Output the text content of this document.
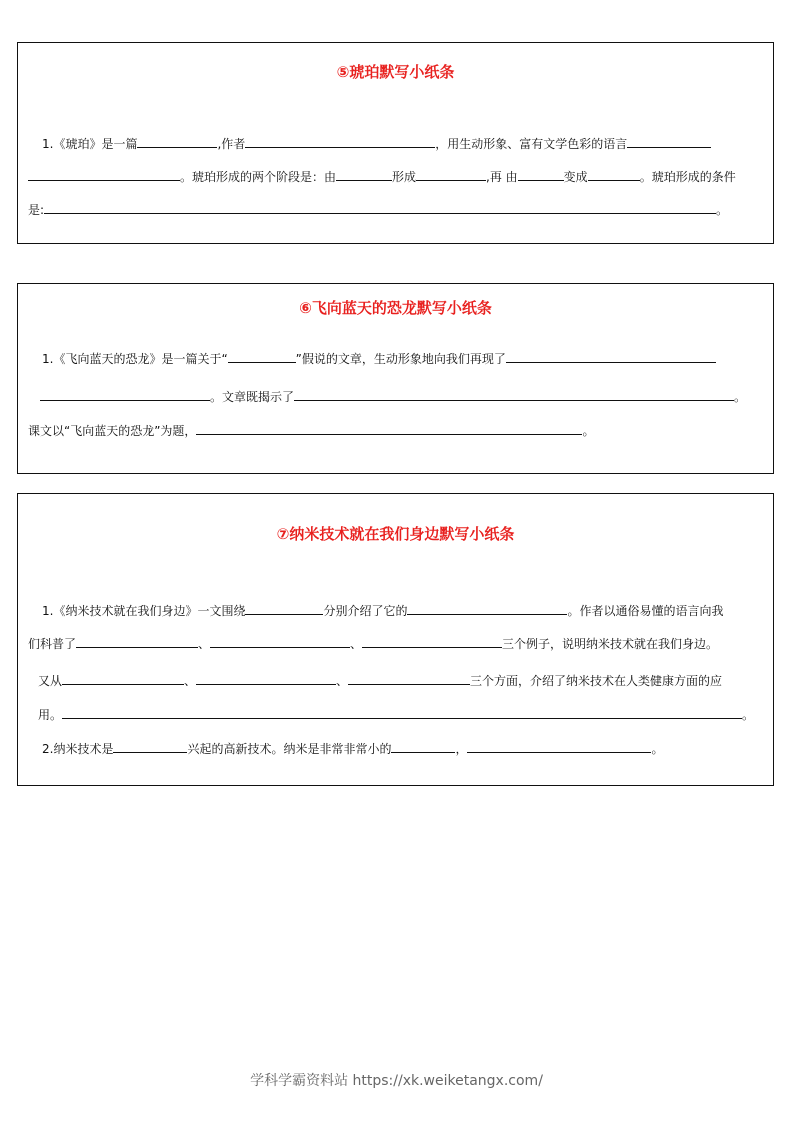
⑤琥珀默写小纸条
1.《琥珀》是一篇	,作者	，用生动形象、富有文学色彩的语言
。琥珀形成的两个阶段是：由	形成	,再 由	变成	。琥珀形成的条件
是:	。
⑥飞向蓝天的恐龙默写小纸条
1.《飞向蓝天的恐龙》是一篇关于“	”假说的文章，生动形象地向我们再现了
。文章既揭示了	。
课文以“飞向蓝天的恐龙”为题，	。
⑦纳米技术就在我们身边默写小纸条
1.《纳米技术就在我们身边》一文围绕	分别介绍了它的	。作者以通俗易懂的语言向我
们科普了	、	、	三个例子，说明纳米技术就在我们身边。
又从	、	、	三个方面，介绍了纳米技术在人类健康方面的应
用。	。
2.纳米技术是	兴起的高新技术。纳米是非常非常小的	，	。
学科学霸资料站 https://xk.weiketangx.com/
